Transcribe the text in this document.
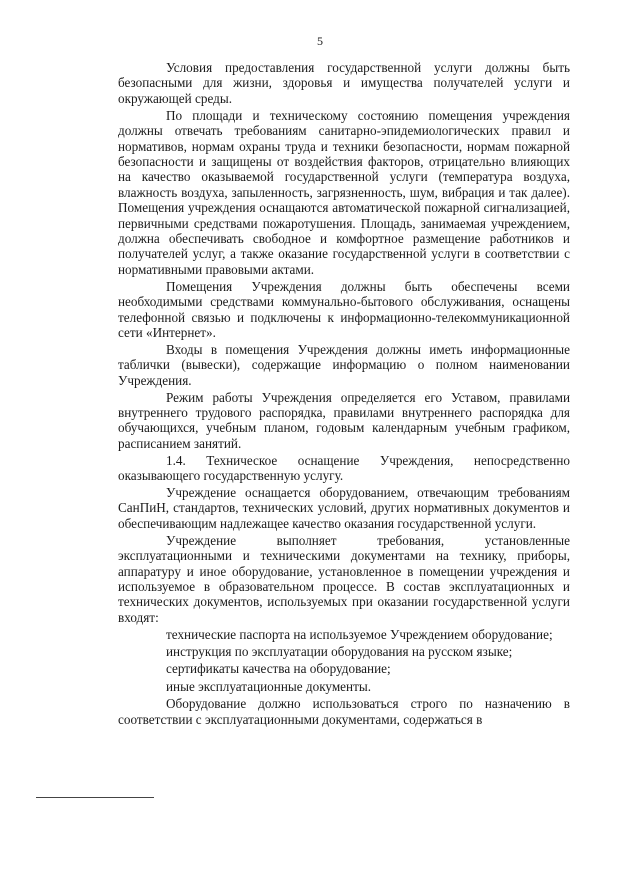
5

Условия предоставления государственной услуги должны быть безопасными для жизни, здоровья и имущества получателей услуги и окружающей среды.

По площади и техническому состоянию помещения учреждения должны отвечать требованиям санитарно-эпидемиологических правил и нормативов, нормам охраны труда и техники безопасности, нормам пожарной безопасности и защищены от воздействия факторов, отрицательно влияющих на качество оказываемой государственной услуги (температура воздуха, влажность воздуха, запыленность, загрязненность, шум, вибрация и так далее). Помещения учреждения оснащаются автоматической пожарной сигнализацией, первичными средствами пожаротушения. Площадь, занимаемая учреждением, должна обеспечивать свободное и комфортное размещение работников и получателей услуг, а также оказание государственной услуги в соответствии с нормативными правовыми актами.

Помещения Учреждения должны быть обеспечены всеми необходимыми средствами коммунально-бытового обслуживания, оснащены телефонной связью и подключены к информационно-телекоммуникационной сети «Интернет».

Входы в помещения Учреждения должны иметь информационные таблички (вывески), содержащие информацию о полном наименовании Учреждения.

Режим работы Учреждения определяется его Уставом, правилами внутреннего трудового распорядка, правилами внутреннего распорядка для обучающихся, учебным планом, годовым календарным учебным графиком, расписанием занятий.

1.4. Техническое оснащение Учреждения, непосредственно оказывающего государственную услугу.

Учреждение оснащается оборудованием, отвечающим требованиям СанПиН, стандартов, технических условий, других нормативных документов и обеспечивающим надлежащее качество оказания государственной услуги.

Учреждение выполняет требования, установленные эксплуатационными и техническими документами на технику, приборы, аппаратуру и иное оборудование, установленное в помещении учреждения и используемое в образовательном процессе. В состав эксплуатационных и технических документов, используемых при оказании государственной услуги входят:

технические паспорта на используемое Учреждением оборудование;

инструкция по эксплуатации оборудования на русском языке;

сертификаты качества на оборудование;

иные эксплуатационные документы.

Оборудование должно использоваться строго по назначению в соответствии с эксплуатационными документами, содержаться в
